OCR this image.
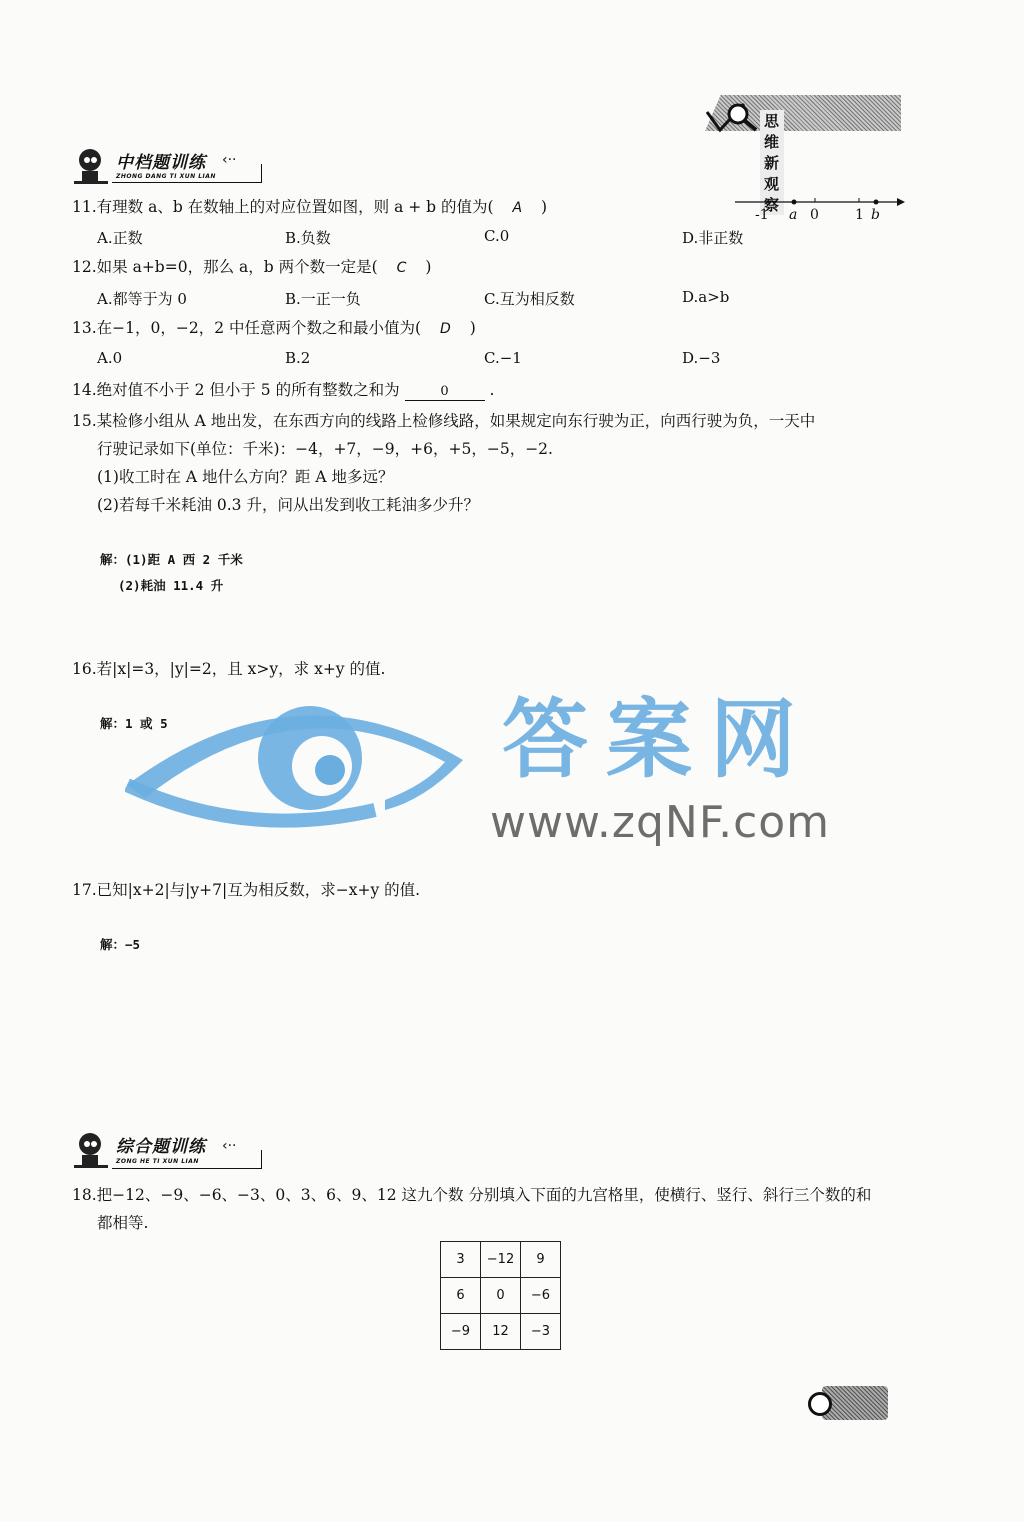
思维新观察
中档题训练 ‹··
ZHONG DANG TI XUN LIAN
-1 a 0	1 b
11.有理数 a、b 在数轴上的对应位置如图，则 a + b 的值为( A )
A.正数	B.负数	C.0	D.非正数
12.如果 a+b=0，那么 a，b 两个数一定是( C )
A.都等于为 0	B.一正一负	C.互为相反数	D.a>b
13.在−1，0，−2，2 中任意两个数之和最小值为( D )
A.0	B.2	C.−1	D.−3
14.绝对值不小于 2 但小于 5 的所有整数之和为	0	.
15.某检修小组从 A 地出发，在东西方向的线路上检修线路，如果规定向东行驶为正，向西行驶为负，一天中
行驶记录如下(单位：千米)：−4，+7，−9，+6，+5，−5，−2.
(1)收工时在 A 地什么方向？距 A 地多远？
(2)若每千米耗油 0.3 升，问从出发到收工耗油多少升？
解：(1)距 A 西 2 千米
(2)耗油 11.4 升
16.若|x|=3，|y|=2，且 x>y，求 x+y 的值.
解：1 或 5	答案网
www.zqNF.com
17.已知|x+2|与|y+7|互为相反数，求−x+y 的值.
解：−5
综合题训练 ‹··
ZONG HE TI XUN LIAN
18.把−12、−9、−6、−3、0、3、6、9、12 这九个数 分别填入下面的九宫格里，使横行、竖行、斜行三个数的和
都相等.
3	−12	9
6	0	−6
−9	12	−3
